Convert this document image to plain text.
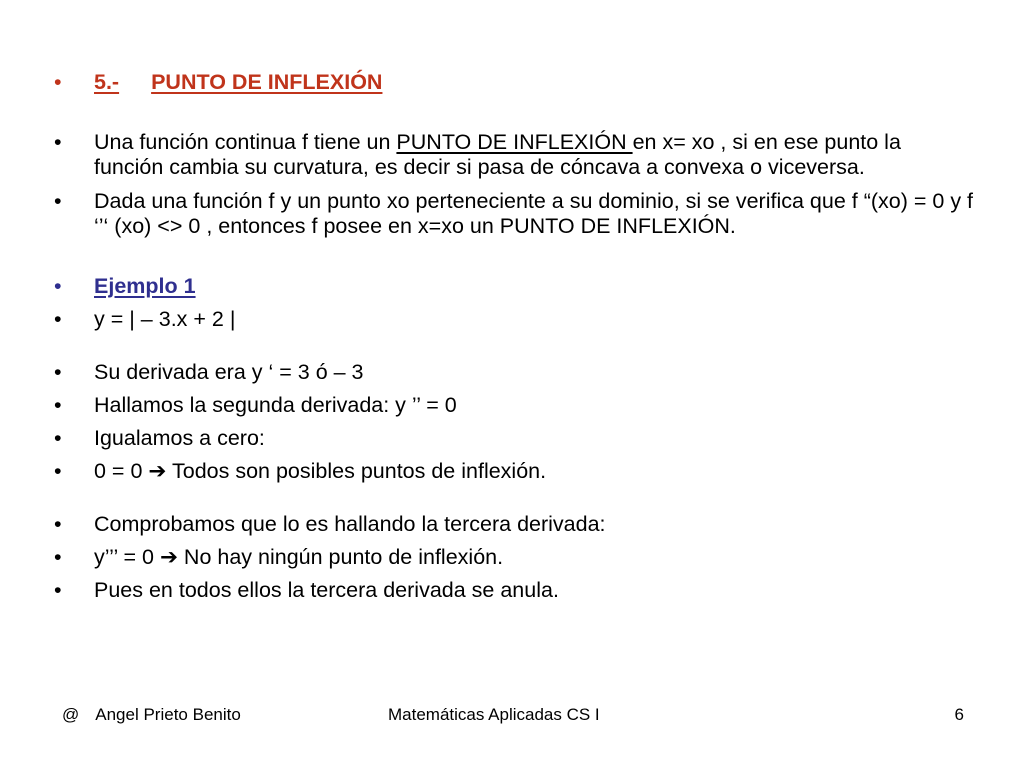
•	5.- PUNTO DE INFLEXIÓN
•	Una función continua f tiene un PUNTO DE INFLEXIÓN en x= xo , si en ese punto la función cambia su curvatura, es decir si pasa de cóncava a convexa o viceversa.
•	Dada una función f y un punto xo perteneciente a su dominio, si se verifica que f “(xo) = 0 y f ‘’‘ (xo) <> 0 , entonces f posee en x=xo un PUNTO DE INFLEXIÓN.
•	Ejemplo 1
•	y = | – 3.x + 2 |
•	Su derivada era y ‘ = 3 ó – 3
•	Hallamos la segunda derivada: y ’’ = 0
•	Igualamos a cero:
•	0 = 0 ➔ Todos son posibles puntos de inflexión.
•	Comprobamos que lo es hallando la tercera derivada:
•	y’’’ = 0 ➔ No hay ningún punto de inflexión.
•	Pues en todos ellos la tercera derivada se anula.
@ Angel Prieto Benito	Matemáticas Aplicadas CS I	6
